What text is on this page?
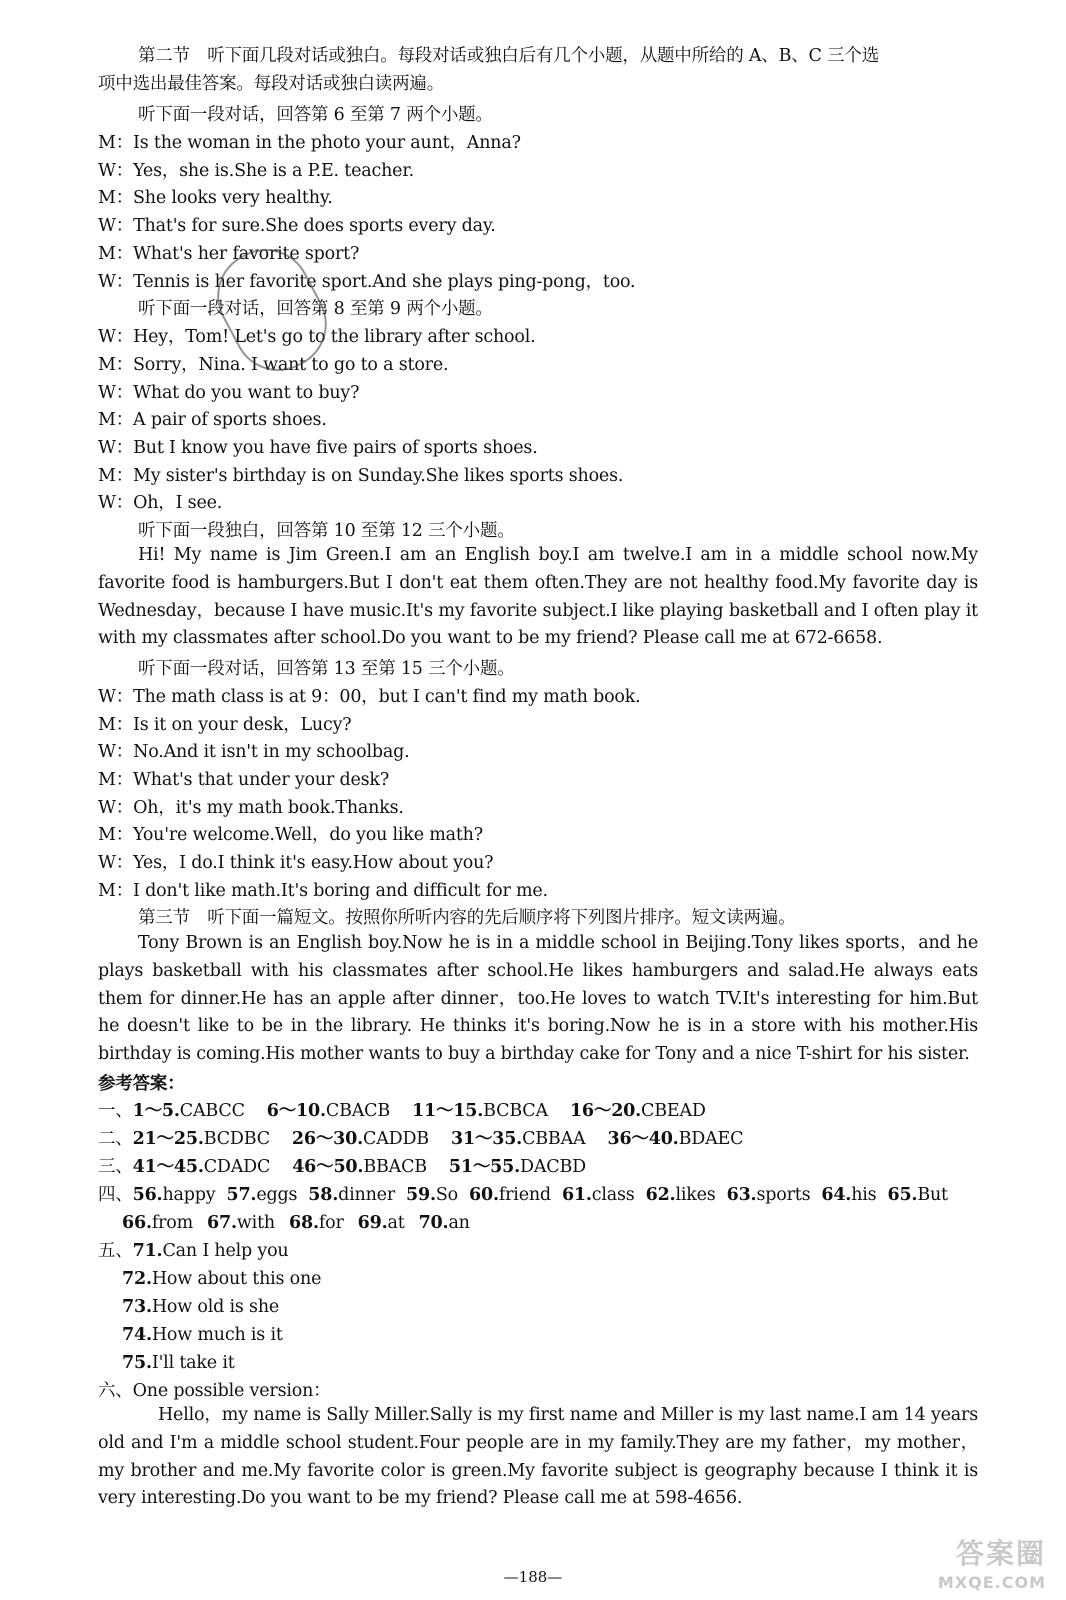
第二节　听下面几段对话或独白。每段对话或独白后有几个小题，从题中所给的 A、B、C 三个选
项中选出最佳答案。每段对话或独白读两遍。
听下面一段对话，回答第 6 至第 7 两个小题。
M：Is the woman in the photo your aunt，Anna?
W：Yes，she is.She is a P.E. teacher.
M：She looks very healthy.
W：That's for sure.She does sports every day.
M：What's her favorite sport?
W：Tennis is her favorite sport.And she plays ping-pong，too.
听下面一段对话，回答第 8 至第 9 两个小题。
W：Hey，Tom! Let's go to the library after school.
M：Sorry，Nina. I want to go to a store.
W：What do you want to buy?
M：A pair of sports shoes.
W：But I know you have five pairs of sports shoes.
M：My sister's birthday is on Sunday.She likes sports shoes.
W：Oh，I see.
听下面一段独白，回答第 10 至第 12 三个小题。
Hi! My name is Jim Green.I am an English boy.I am twelve.I am in a middle school now.My favorite food is hamburgers.But I don't eat them often.They are not healthy food.My favorite day is Wednesday，because I have music.It's my favorite subject.I like playing basketball and I often play it with my classmates after school.Do you want to be my friend? Please call me at 672-6658.
听下面一段对话，回答第 13 至第 15 三个小题。
W：The math class is at 9：00，but I can't find my math book.
M：Is it on your desk，Lucy?
W：No.And it isn't in my schoolbag.
M：What's that under your desk?
W：Oh，it's my math book.Thanks.
M：You're welcome.Well，do you like math?
W：Yes，I do.I think it's easy.How about you?
M：I don't like math.It's boring and difficult for me.
第三节　听下面一篇短文。按照你所听内容的先后顺序将下列图片排序。短文读两遍。
Tony Brown is an English boy.Now he is in a middle school in Beijing.Tony likes sports，and he plays basketball with his classmates after school.He likes hamburgers and salad.He always eats them for dinner.He has an apple after dinner，too.He loves to watch TV.It's interesting for him.But he doesn't like to be in the library. He thinks it's boring.Now he is in a store with his mother.His birthday is coming.His mother wants to buy a birthday cake for Tony and a nice T-shirt for his sister.
参考答案：
一、1～5.CABCC 6～10.CBACB 11～15.BCBCA 16～20.CBEAD
二、21～25.BCDBC 26～30.CADDB 31～35.CBBAA 36～40.BDAEC
三、41～45.CDADC 46～50.BBACB 51～55.DACBD
四、56.happy 57.eggs 58.dinner 59.So 60.friend 61.class 62.likes 63.sports 64.his 65.But
66.from 67.with 68.for 69.at 70.an
五、71.Can I help you
72.How about this one
73.How old is she
74.How much is it
75.I'll take it
六、One possible version：
Hello，my name is Sally Miller.Sally is my first name and Miller is my last name.I am 14 years old and I'm a middle school student.Four people are in my family.They are my father，my mother，my brother and me.My favorite color is green.My favorite subject is geography because I think it is very interesting.Do you want to be my friend? Please call me at 598-4656.
—188—
答案圈
MXQE.COM
